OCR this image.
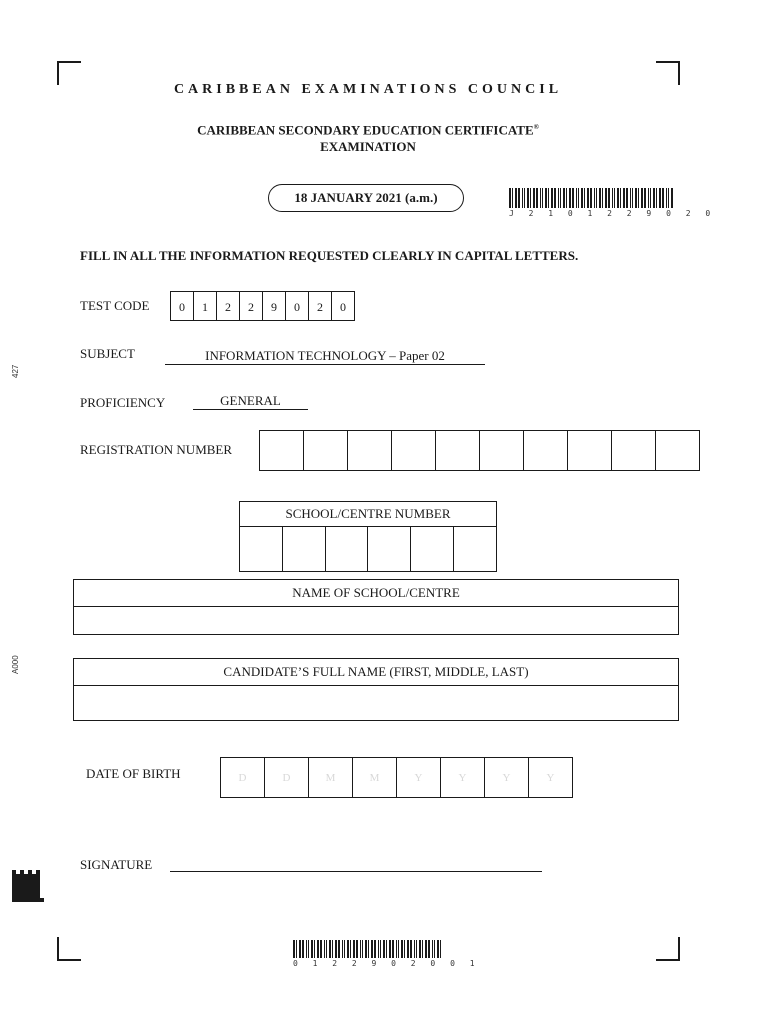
427
A000
CARIBBEAN EXAMINATIONS COUNCIL
CARIBBEAN SECONDARY EDUCATION CERTIFICATE®
EXAMINATION
18 JANUARY 2021 (a.m.)
J 2 1 0 1 2 2 9 0 2 0
FILL IN ALL THE INFORMATION REQUESTED CLEARLY IN CAPITAL LETTERS.
TEST CODE	0	1	2	2	9	0	2	0
SUBJECT	INFORMATION TECHNOLOGY – Paper 02
PROFICIENCY	GENERAL
REGISTRATION NUMBER
SCHOOL/CENTRE NUMBER
NAME OF SCHOOL/CENTRE
CANDIDATE’S FULL NAME (FIRST, MIDDLE, LAST)
DATE OF BIRTH	D	D	M	M	Y	Y	Y	Y
SIGNATURE
0 1 2 2 9 0 2 0 0 1
